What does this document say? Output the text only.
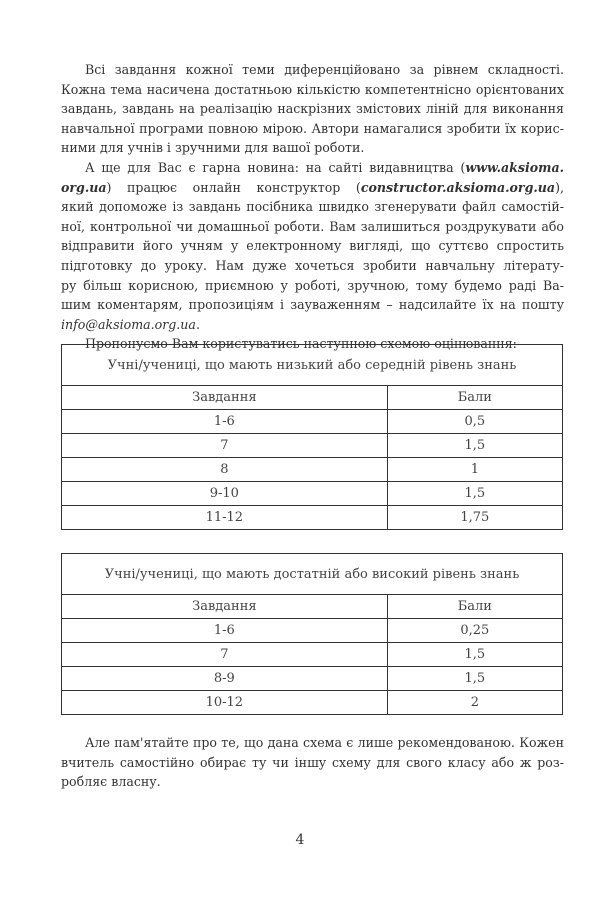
Всі завдання кожної теми диференційовано за рівнем складності.
Кожна тема насичена достатньою кількістю компетентнісно орієнтованих
завдань, завдань на реалізацію наскрізних змістових ліній для виконання
навчальної програми повною мірою. Автори намагалися зробити їх корис-
ними для учнів і зручними для вашої роботи.
А ще для Вас є гарна новина: на сайті видавництва (www.aksioma.
org.ua) працює онлайн конструктор (constructor.aksioma.org.ua),
який допоможе із завдань посібника швидко згенерувати файл самостій-
ної, контрольної чи домашньої роботи. Вам залишиться роздрукувати або
відправити його учням у електронному вигляді, що суттєво спростить
підготовку до уроку. Нам дуже хочеться зробити навчальну літерату-
ру більш корисною, приємною у роботі, зручною, тому будемо раді Ва-
шим коментарям, пропозиціям і зауваженням – надсилайте їх на пошту
info@aksioma.org.ua.
Пропонуємо Вам користуватись наступною схемою оцінювання:
Учні/учениці, що мають низький або середній рівень знань	
Завдання	Бали
1-6	0,5
7	1,5
8	1
9-10	1,5
11-12	1,75
Учні/учениці, що мають достатній або високий рівень знань	
Завдання	Бали
1-6	0,25
7	1,5
8-9	1,5
10-12	2
Але пам'ятайте про те, що дана схема є лише рекомендованою. Кожен
вчитель самостійно обирає ту чи іншу схему для свого класу або ж роз-
робляє власну.
4
